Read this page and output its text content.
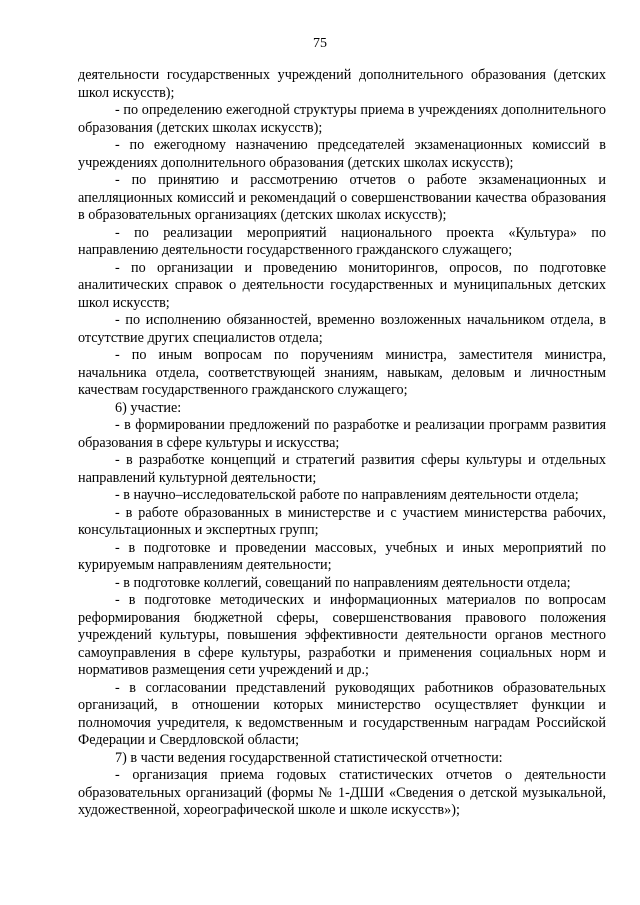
75

деятельности государственных учреждений дополнительного образования (детских школ искусств);

- по определению ежегодной структуры приема в учреждениях дополнительного образования (детских школах искусств);

- по ежегодному назначению председателей экзаменационных комиссий в учреждениях дополнительного образования (детских школах искусств);

- по принятию и рассмотрению отчетов о работе экзаменационных и апелляционных комиссий и рекомендаций о совершенствовании качества образования в образовательных организациях (детских школах искусств);

- по реализации мероприятий национального проекта «Культура» по направлению деятельности государственного гражданского служащего;

- по организации и проведению мониторингов, опросов, по подготовке аналитических справок о деятельности государственных и муниципальных детских школ искусств;

- по исполнению обязанностей, временно возложенных начальником отдела, в отсутствие других специалистов отдела;

- по иным вопросам по поручениям министра, заместителя министра, начальника отдела, соответствующей знаниям, навыкам, деловым и личностным качествам государственного гражданского служащего;

6) участие:

- в формировании предложений по разработке и реализации программ развития образования в сфере культуры и искусства;

- в разработке концепций и стратегий развития сферы культуры и отдельных направлений культурной деятельности;

- в научно–исследовательской работе по направлениям деятельности отдела;

- в работе образованных в министерстве и с участием министерства рабочих, консультационных и экспертных групп;

- в подготовке и проведении массовых, учебных и иных мероприятий по курируемым направлениям деятельности;

- в подготовке коллегий, совещаний по направлениям деятельности отдела;

- в подготовке методических и информационных материалов по вопросам реформирования бюджетной сферы, совершенствования правового положения учреждений культуры, повышения эффективности деятельности органов местного самоуправления в сфере культуры, разработки и применения социальных норм и нормативов размещения сети учреждений и др.;

- в согласовании представлений руководящих работников образовательных организаций, в отношении которых министерство осуществляет функции и полномочия учредителя, к ведомственным и государственным наградам Российской Федерации и Свердловской области;

7) в части ведения государственной статистической отчетности:

- организация приема годовых статистических отчетов о деятельности образовательных организаций (формы № 1-ДШИ «Сведения о детской музыкальной, художественной, хореографической школе и школе искусств»);
